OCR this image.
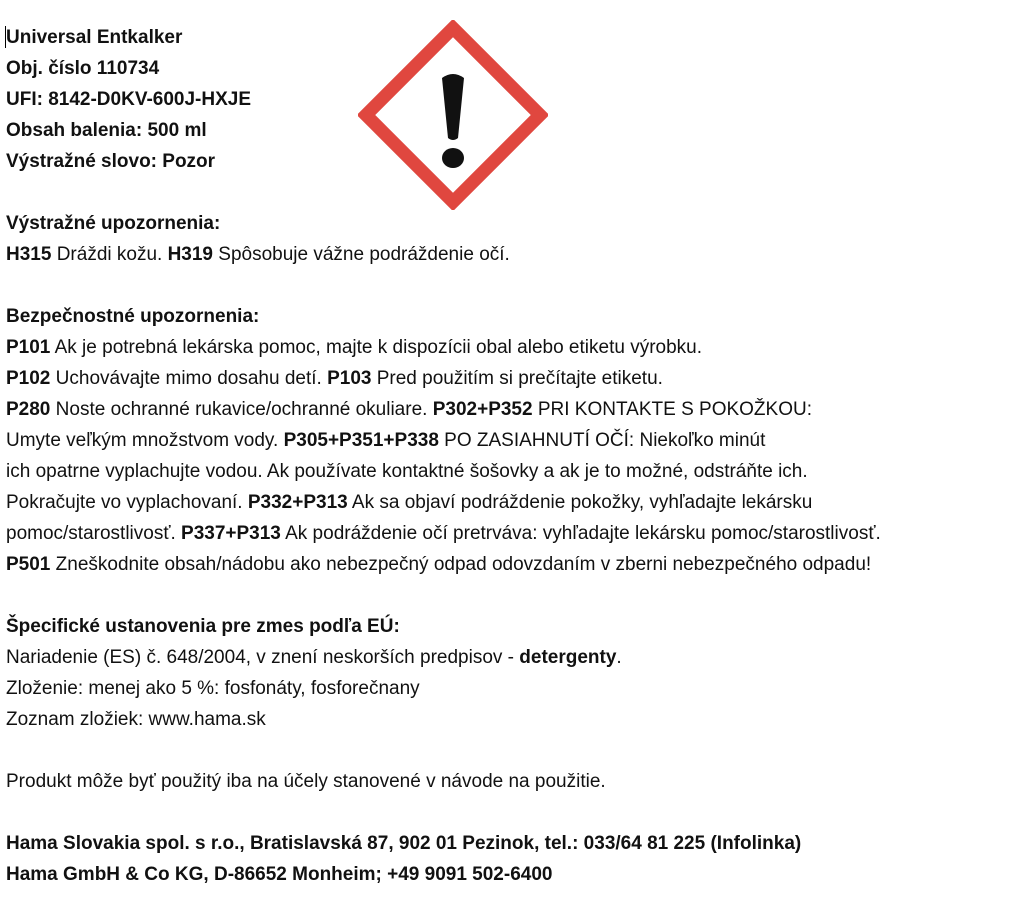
Universal Entkalker
Obj. číslo 110734
UFI: 8142-D0KV-600J-HXJE
Obsah balenia: 500 ml
Výstražné slovo: Pozor
Výstražné upozornenia:
H315 Dráždi kožu. H319 Spôsobuje vážne podráždenie očí.
Bezpečnostné upozornenia:
P101 Ak je potrebná lekárska pomoc, majte k dispozícii obal alebo etiketu výrobku.
P102 Uchovávajte mimo dosahu detí. P103 Pred použitím si prečítajte etiketu.
P280 Noste ochranné rukavice/ochranné okuliare. P302+P352 PRI KONTAKTE S POKOŽKOU:
Umyte veľkým množstvom vody. P305+P351+P338 PO ZASIAHNUTÍ OČÍ: Niekoľko minút
ich opatrne vyplachujte vodou. Ak používate kontaktné šošovky a ak je to možné, odstráňte ich.
Pokračujte vo vyplachovaní. P332+P313 Ak sa objaví podráždenie pokožky, vyhľadajte lekársku
pomoc/starostlivosť. P337+P313 Ak podráždenie očí pretrváva: vyhľadajte lekársku pomoc/starostlivosť.
P501 Zneškodnite obsah/nádobu ako nebezpečný odpad odovzdaním v zberni nebezpečného odpadu!
Špecifické ustanovenia pre zmes podľa EÚ:
Nariadenie (ES) č. 648/2004, v znení neskorších predpisov - detergenty.
Zloženie: menej ako 5 %: fosfonáty, fosforečnany
Zoznam zložiek: www.hama.sk
Produkt môže byť použitý iba na účely stanovené v návode na použitie.
Hama Slovakia spol. s r.o., Bratislavská 87, 902 01 Pezinok, tel.: 033/64 81 225 (Infolinka)
Hama GmbH & Co KG, D-86652 Monheim; +49 9091 502-6400
